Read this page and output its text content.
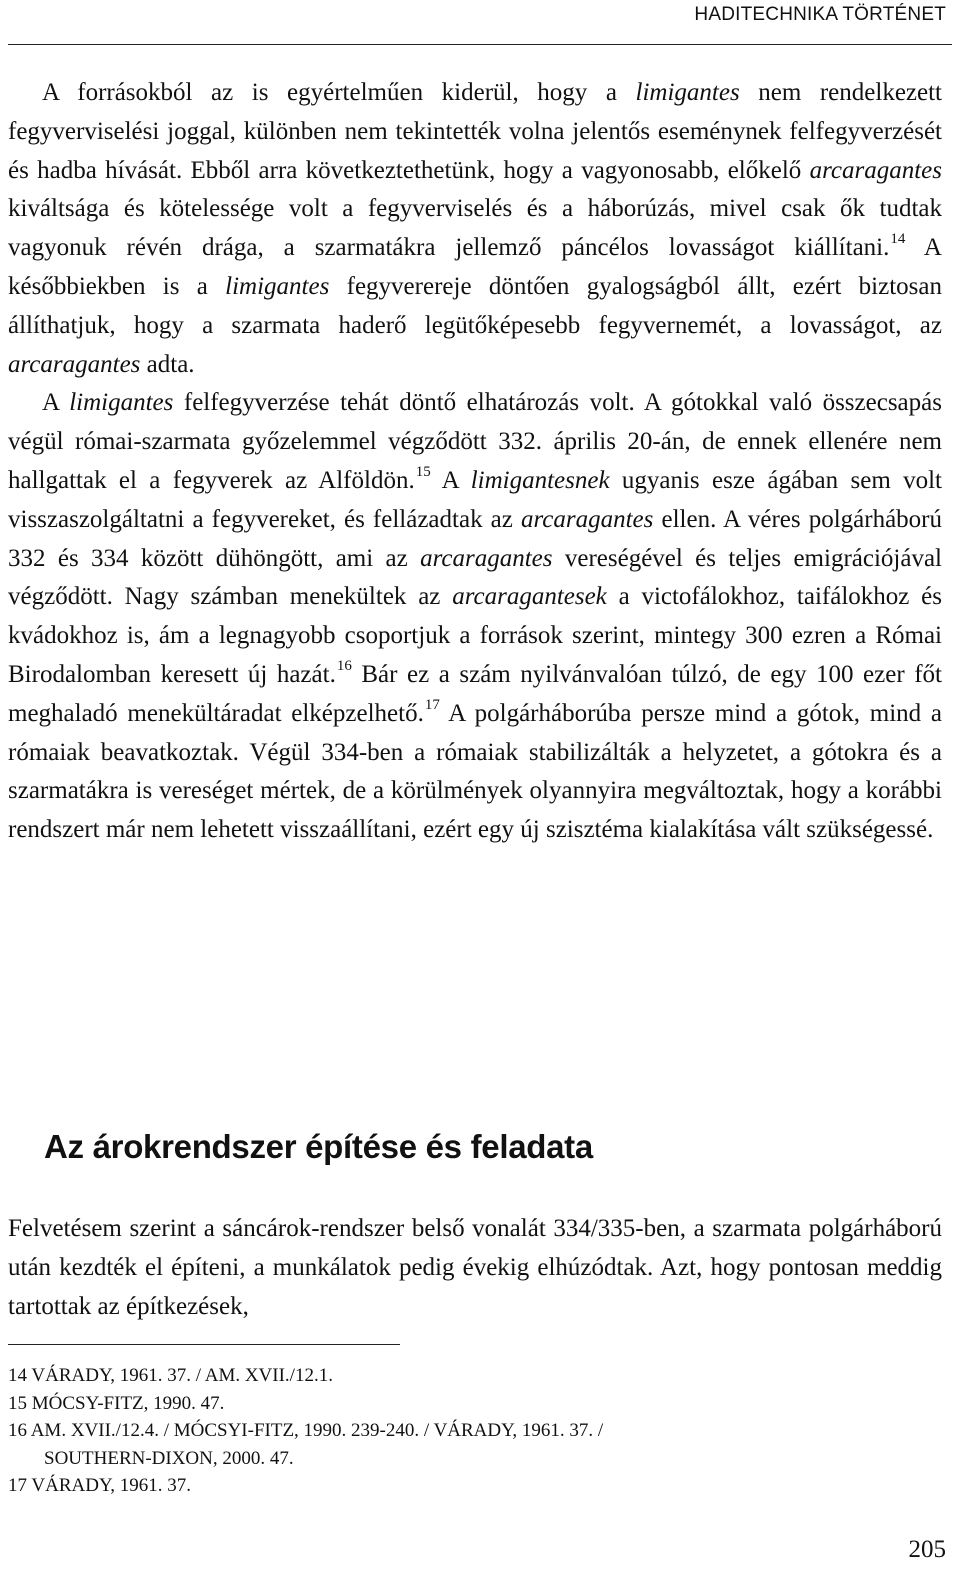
HADITECHNIKA TÖRTÉNET

A forrásokból az is egyértelműen kiderül, hogy a limigantes nem rendelkezett fegyverviselési joggal, különben nem tekintették volna jelentős eseménynek felfegyverzését és hadba hívását. Ebből arra következtethetünk, hogy a vagyonosabb, előkelő arcaragantes kiváltsága és kötelessége volt a fegyverviselés és a háborúzás, mivel csak ők tudtak vagyonuk révén drága, a szarmatákra jellemző páncélos lovasságot kiállítani.$^{14}$ A későbbiekben is a limigantes fegyverereje döntően gyalogságból állt, ezért biztosan állíthatjuk, hogy a szarmata haderő legütőképesebb fegyvernemét, a lovasságot, az arcaragantes adta.

A limigantes felfegyverzése tehát döntő elhatározás volt. A gótokkal való összecsapás végül római-szarmata győzelemmel végződött 332. április 20-án, de ennek ellenére nem hallgattak el a fegyverek az Alföldön.$^{15}$ A limigantesnek ugyanis esze ágában sem volt visszaszolgáltatni a fegyvereket, és fellázadtak az arcaragantes ellen. A véres polgárháború 332 és 334 között dühöngött, ami az arcaragantes vereségével és teljes emigrációjával végződött. Nagy számban menekültek az arcaragantesek a victofálokhoz, taifálokhoz és kvádokhoz is, ám a legnagyobb csoportjuk a források szerint, mintegy 300 ezren a Római Birodalomban keresett új hazát.$^{16}$ Bár ez a szám nyilvánvalóan túlzó, de egy 100 ezer főt meghaladó menekültáradat elképzelhető.$^{17}$ A polgárháborúba persze mind a gótok, mind a rómaiak beavatkoztak. Végül 334-ben a rómaiak stabilizálták a helyzetet, a gótokra és a szarmatákra is vereséget mértek, de a körülmények olyannyira megváltoztak, hogy a korábbi rendszert már nem lehetett visszaállítani, ezért egy új szisztéma kialakítása vált szükségessé.

Az árokrendszer építése és feladata

Felvetésem szerint a sáncárok-rendszer belső vonalát 334/335-ben, a szarmata polgárháború után kezdték el építeni, a munkálatok pedig évekig elhúzódtak. Azt, hogy pontosan meddig tartottak az építkezések,

14 VÁRADY, 1961. 37. / AM. XVII./12.1.

15 MÓCSY-FITZ, 1990. 47.

16 AM. XVII./12.4. / MÓCSYI-FITZ, 1990. 239-240. / VÁRADY, 1961. 37. /
SOUTHERN-DIXON, 2000. 47.

17 VÁRADY, 1961. 37.

205
